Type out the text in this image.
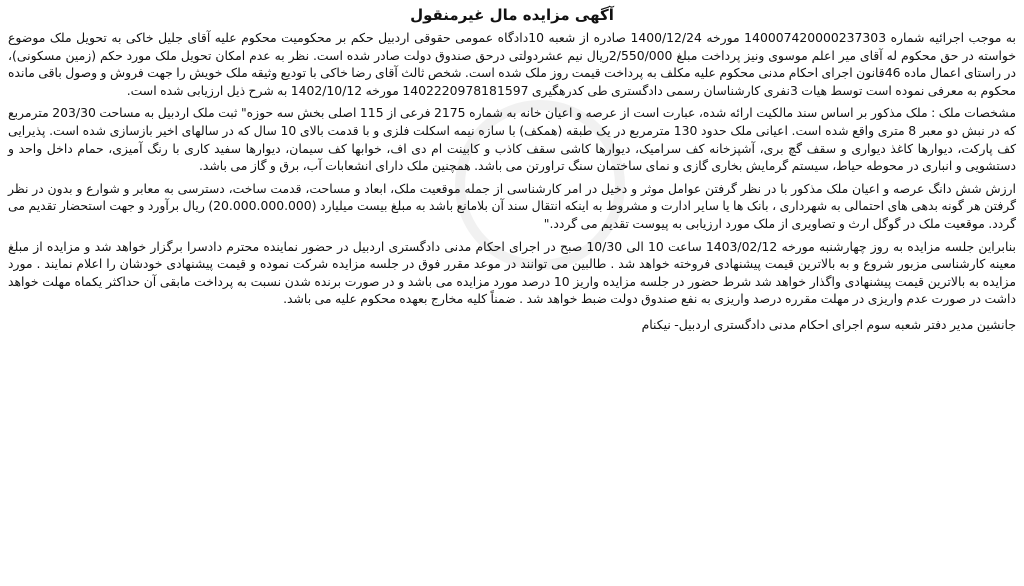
آگهی مزایده مال غیرمنقول

به موجب اجرائیه شماره 140007420000237303 مورخه 1400/12/24 صادره از شعبه 10دادگاه عمومی حقوقی اردبیل حکم بر محکومیت محکوم علیه آقای جلیل خاکی به تحویل ملک موضوع خواسته در حق محکوم له آقای میر اعلم موسوی ونیز پرداخت مبلغ 2/550/000ریال نیم عشردولتی درحق صندوق دولت صادر شده است. نظر به عدم امکان تحویل ملک مورد حکم (زمین مسکونی)، در راستای اعمال ماده 46قانون اجرای احکام مدنی محکوم علیه مکلف به پرداخت قیمت روز ملک شده است. شخص ثالث آقای رضا خاکی با تودیع وثیقه ملک خویش را جهت فروش و وصول باقی مانده محکوم به معرفی نموده است توسط هیات 3نفری کارشناسان رسمی دادگستری طی کدرهگیری 1402220978181597 مورخه 1402/10/12 به شرح ذیل ارزیابی شده است.

مشخصات ملک : ملک مذکور بر اساس سند مالکیت ارائه شده، عبارت است از عرصه و اعیان خانه به شماره 2175 فرعی از 115 اصلی بخش سه حوزه" ثبت ملک اردبیل به مساحت 203/30 مترمربع که در نبش دو معبر 8 متری واقع شده است. اعیانی ملک حدود 130 مترمربع در یک طبقه (همکف) با سازه نیمه اسکلت فلزی و با قدمت بالای 10 سال که در سالهای اخیر بازسازی شده است. پذیرایی کف پارکت، دیوارها کاغذ دیواری و سقف گچ بری، آشپزخانه کف سرامیک، دیوارها کاشی سقف کاذب و کابینت ام دی اف، خوابها کف سیمان، دیوارها سفید کاری با رنگ آمیزی، حمام داخل واحد و دستشویی و انباری در محوطه حیاط، سیستم گرمایش بخاری گازی و نمای ساختمان سنگ تراورتن می باشد. همچنین ملک دارای انشعابات آب، برق و گاز می باشد.

ارزش شش دانگ عرصه و اعیان ملک مذکور با در نظر گرفتن عوامل موثر و دخیل در امر کارشناسی از جمله موقعیت ملک، ابعاد و مساحت، قدمت ساخت، دسترسی به معابر و شوارع و بدون در نظر گرفتن هر گونه بدهی های احتمالی به شهرداری ، بانک ها یا سایر ادارت و مشروط به اینکه انتقال سند آن بلامانع باشد به مبلغ بیست میلیارد (20.000.000.000) ریال برآورد و جهت استحضار تقدیم می گردد. موقعیت ملک در گوگل ارث و تصاویری از ملک مورد ارزیابی به پیوست تقدیم می گردد."

بنابراین جلسه مزایده به روز چهارشنبه مورخه 1403/02/12 ساعت 10 الی 10/30 صبح در اجرای احکام مدنی دادگستری اردبیل در حضور نماینده محترم دادسرا برگزار خواهد شد و مزایده از مبلغ معینه کارشناسی مزبور شروع و به بالاترین قیمت پیشنهادی فروخته خواهد شد . طالبین می توانند در موعد مقرر فوق در جلسه مزایده شرکت نموده و قیمت پیشنهادی خودشان را اعلام نمایند . مورد مزایده به بالاترین قیمت پیشنهادی واگذار خواهد شد شرط حضور در جلسه مزایده واریز 10 درصد مورد مزایده می باشد و در صورت برنده شدن نسبت به پرداخت مابقی آن حداکثر یکماه مهلت خواهد داشت در صورت عدم واریزی در مهلت مقرره درصد واریزی به نفع صندوق دولت ضبط خواهد شد . ضمناً کلیه مخارج بعهده محکوم علیه می باشد.

جانشین مدیر دفتر شعبه سوم اجرای احکام مدنی دادگستری اردبیل- نیکنام
